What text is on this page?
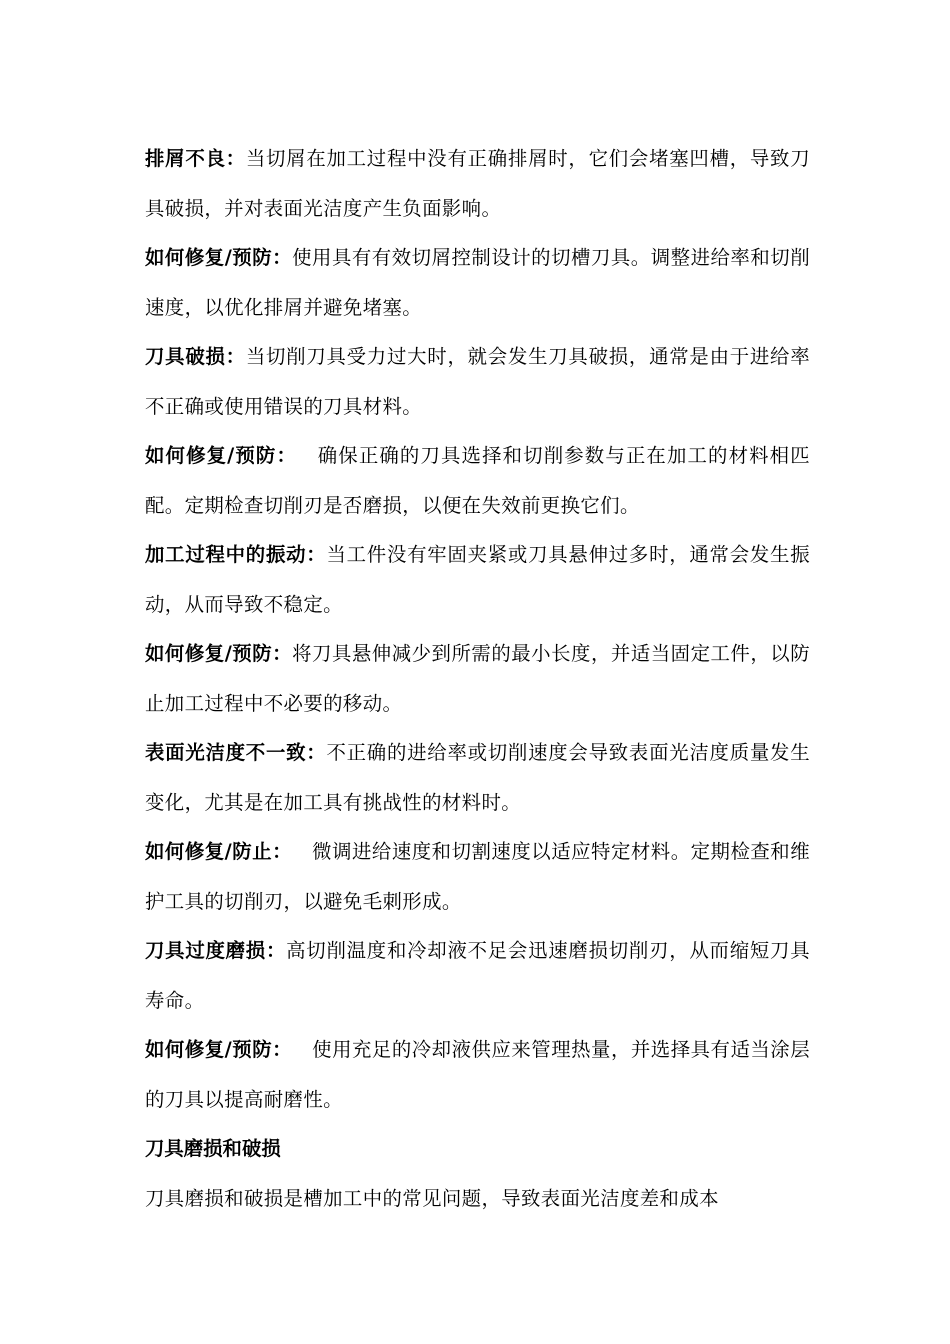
排屑不良：当切屑在加工过程中没有正确排屑时，它们会堵塞凹槽，导致刀具破损，并对表面光洁度产生负面影响。

如何修复/预防：使用具有有效切屑控制设计的切槽刀具。调整进给率和切削速度，以优化排屑并避免堵塞。

刀具破损：当切削刀具受力过大时，就会发生刀具破损，通常是由于进给率不正确或使用错误的刀具材料。

如何修复/预防： 确保正确的刀具选择和切削参数与正在加工的材料相匹配。定期检查切削刃是否磨损，以便在失效前更换它们。

加工过程中的振动：当工件没有牢固夹紧或刀具悬伸过多时，通常会发生振动，从而导致不稳定。

如何修复/预防：将刀具悬伸减少到所需的最小长度，并适当固定工件，以防止加工过程中不必要的移动。

表面光洁度不一致：不正确的进给率或切削速度会导致表面光洁度质量发生变化，尤其是在加工具有挑战性的材料时。

如何修复/防止： 微调进给速度和切割速度以适应特定材料。定期检查和维护工具的切削刃，以避免毛刺形成。

刀具过度磨损：高切削温度和冷却液不足会迅速磨损切削刃，从而缩短刀具寿命。

如何修复/预防： 使用充足的冷却液供应来管理热量，并选择具有适当涂层的刀具以提高耐磨性。

刀具磨损和破损

刀具磨损和破损是槽加工中的常见问题，导致表面光洁度差和成本
